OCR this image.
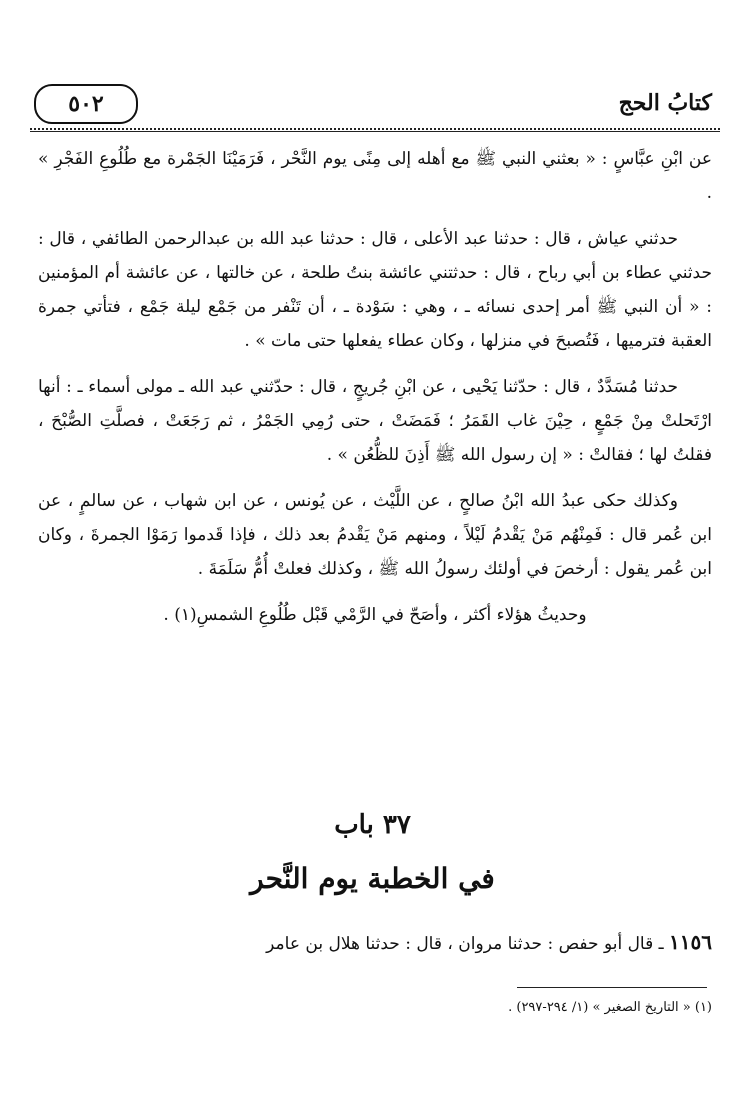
٥٠٢	كتابُ الحج

عن ابْنِ عبَّاسٍ : « بعثني النبي ﷺ مع أهله إلى مِنًى يوم النَّحْر ، فَرَمَيْنَا الجَمْرة مع طُلُوعِ الفَجْرِ » .

حدثني عياش ، قال : حدثنا عبد الأعلى ، قال : حدثنا عبد الله بن عبدالرحمن الطائفي ، قال : حدثني عطاء بن أبي رباح ، قال : حدثتني عائشة بنتُ طلحة ، عن خالتها ، عن عائشة أم المؤمنين : « أن النبي ﷺ أمر إحدى نسائه ـ ، وهي : سَوْدة ـ ، أن تَنْفر من جَمْع ليلة جَمْع ، فتأتي جمرة العقبة فترميها ، فَتُصبحَ في منزلها ، وكان عطاء يفعلها حتى مات » .

حدثنا مُسَدَّدٌ ، قال : حدّثنا يَحْيى ، عن ابْنِ جُريجٍ ، قال : حدّثني عبد الله ـ مولى أسماء ـ : أنها ارْتَحلتْ مِنْ جَمْعٍ ، حِيْنَ غاب القَمَرُ ؛ فَمَضَتْ ، حتى رُمِي الجَمْرُ ، ثم رَجَعَتْ ، فصلَّتِ الصُّبْحَ ، فقلتُ لها ؛ فقالتْ : « إن رسول الله ﷺ أَذِنَ للظُّعُن » .

وكذلك حكى عبدُ الله ابْنُ صالحٍ ، عن اللَّيْث ، عن يُونس ، عن ابن شهاب ، عن سالمٍ ، عن ابن عُمر قال : فَمِنْهُم مَنْ يَقْدمُ لَيْلاً ، ومنهم مَنْ يَقْدمُ بعد ذلك ، فإذا قَدموا رَمَوْا الجمرةَ ، وكان ابن عُمر يقول : أرخصَ في أولئك رسولُ الله ﷺ ، وكذلك فعلتْ أُمُّ سَلَمَةَ .

وحديثُ هؤلاء أكثر ، وأصَحّ في الرَّمْي قَبْل طُلُوعِ الشمسِ(١) .

٣٧ باب
في الخطبة يوم النَّحر
١١٥٦ ـ قال أبو حفص : حدثنا مروان ، قال : حدثنا هلال بن عامر
(١) « التاريخ الصغير » (١/ ٢٩٤-٢٩٧) .
